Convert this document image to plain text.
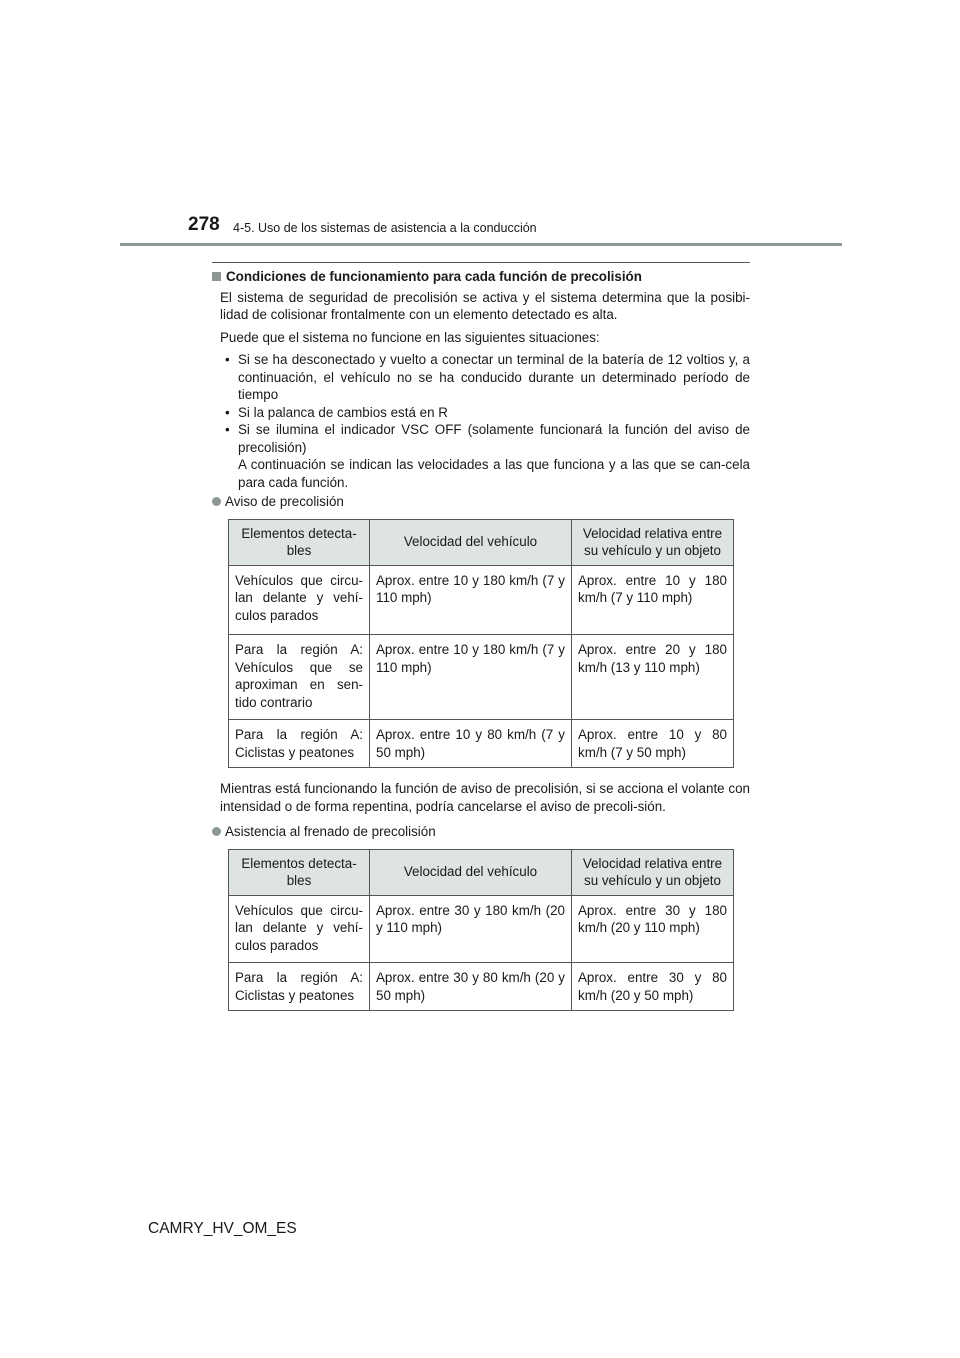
278 4-5. Uso de los sistemas de asistencia a la conducción
Condiciones de funcionamiento para cada función de precolisión

El sistema de seguridad de precolisión se activa y el sistema determina que la posibi-lidad de colisionar frontalmente con un elemento detectado es alta.

Puede que el sistema no funcione en las siguientes situaciones:

• Si se ha desconectado y vuelto a conectar un terminal de la batería de 12 voltios y, a continuación, el vehículo no se ha conducido durante un determinado período de tiempo
• Si la palanca de cambios está en R
• Si se ilumina el indicador VSC OFF (solamente funcionará la función del aviso de precolisión)
A continuación se indican las velocidades a las que funciona y a las que se can-cela para cada función.
Aviso de precolisión
Elementos detecta-bles	Velocidad del vehículo	Velocidad relativa entre su vehículo y un objeto
Vehículos que circu-lan delante y vehí-culos parados	Aprox. entre 10 y 180 km/h (7 y 110 mph)	Aprox. entre 10 y 180 km/h (7 y 110 mph)
Para la región A: Vehículos que se aproximan en sen-tido contrario	Aprox. entre 10 y 180 km/h (7 y 110 mph)	Aprox. entre 20 y 180 km/h (13 y 110 mph)
Para la región A: Ciclistas y peatones	Aprox. entre 10 y 80 km/h (7 y 50 mph)	Aprox. entre 10 y 80 km/h (7 y 50 mph)

Mientras está funcionando la función de aviso de precolisión, si se acciona el volante con intensidad o de forma repentina, podría cancelarse el aviso de precoli-sión.

Asistencia al frenado de precolisión
Elementos detecta-bles	Velocidad del vehículo	Velocidad relativa entre su vehículo y un objeto
Vehículos que circu-lan delante y vehí-culos parados	Aprox. entre 30 y 180 km/h (20 y 110 mph)	Aprox. entre 30 y 180 km/h (20 y 110 mph)
Para la región A: Ciclistas y peatones	Aprox. entre 30 y 80 km/h (20 y 50 mph)	Aprox. entre 30 y 80 km/h (20 y 50 mph)
CAMRY_HV_OM_ES
